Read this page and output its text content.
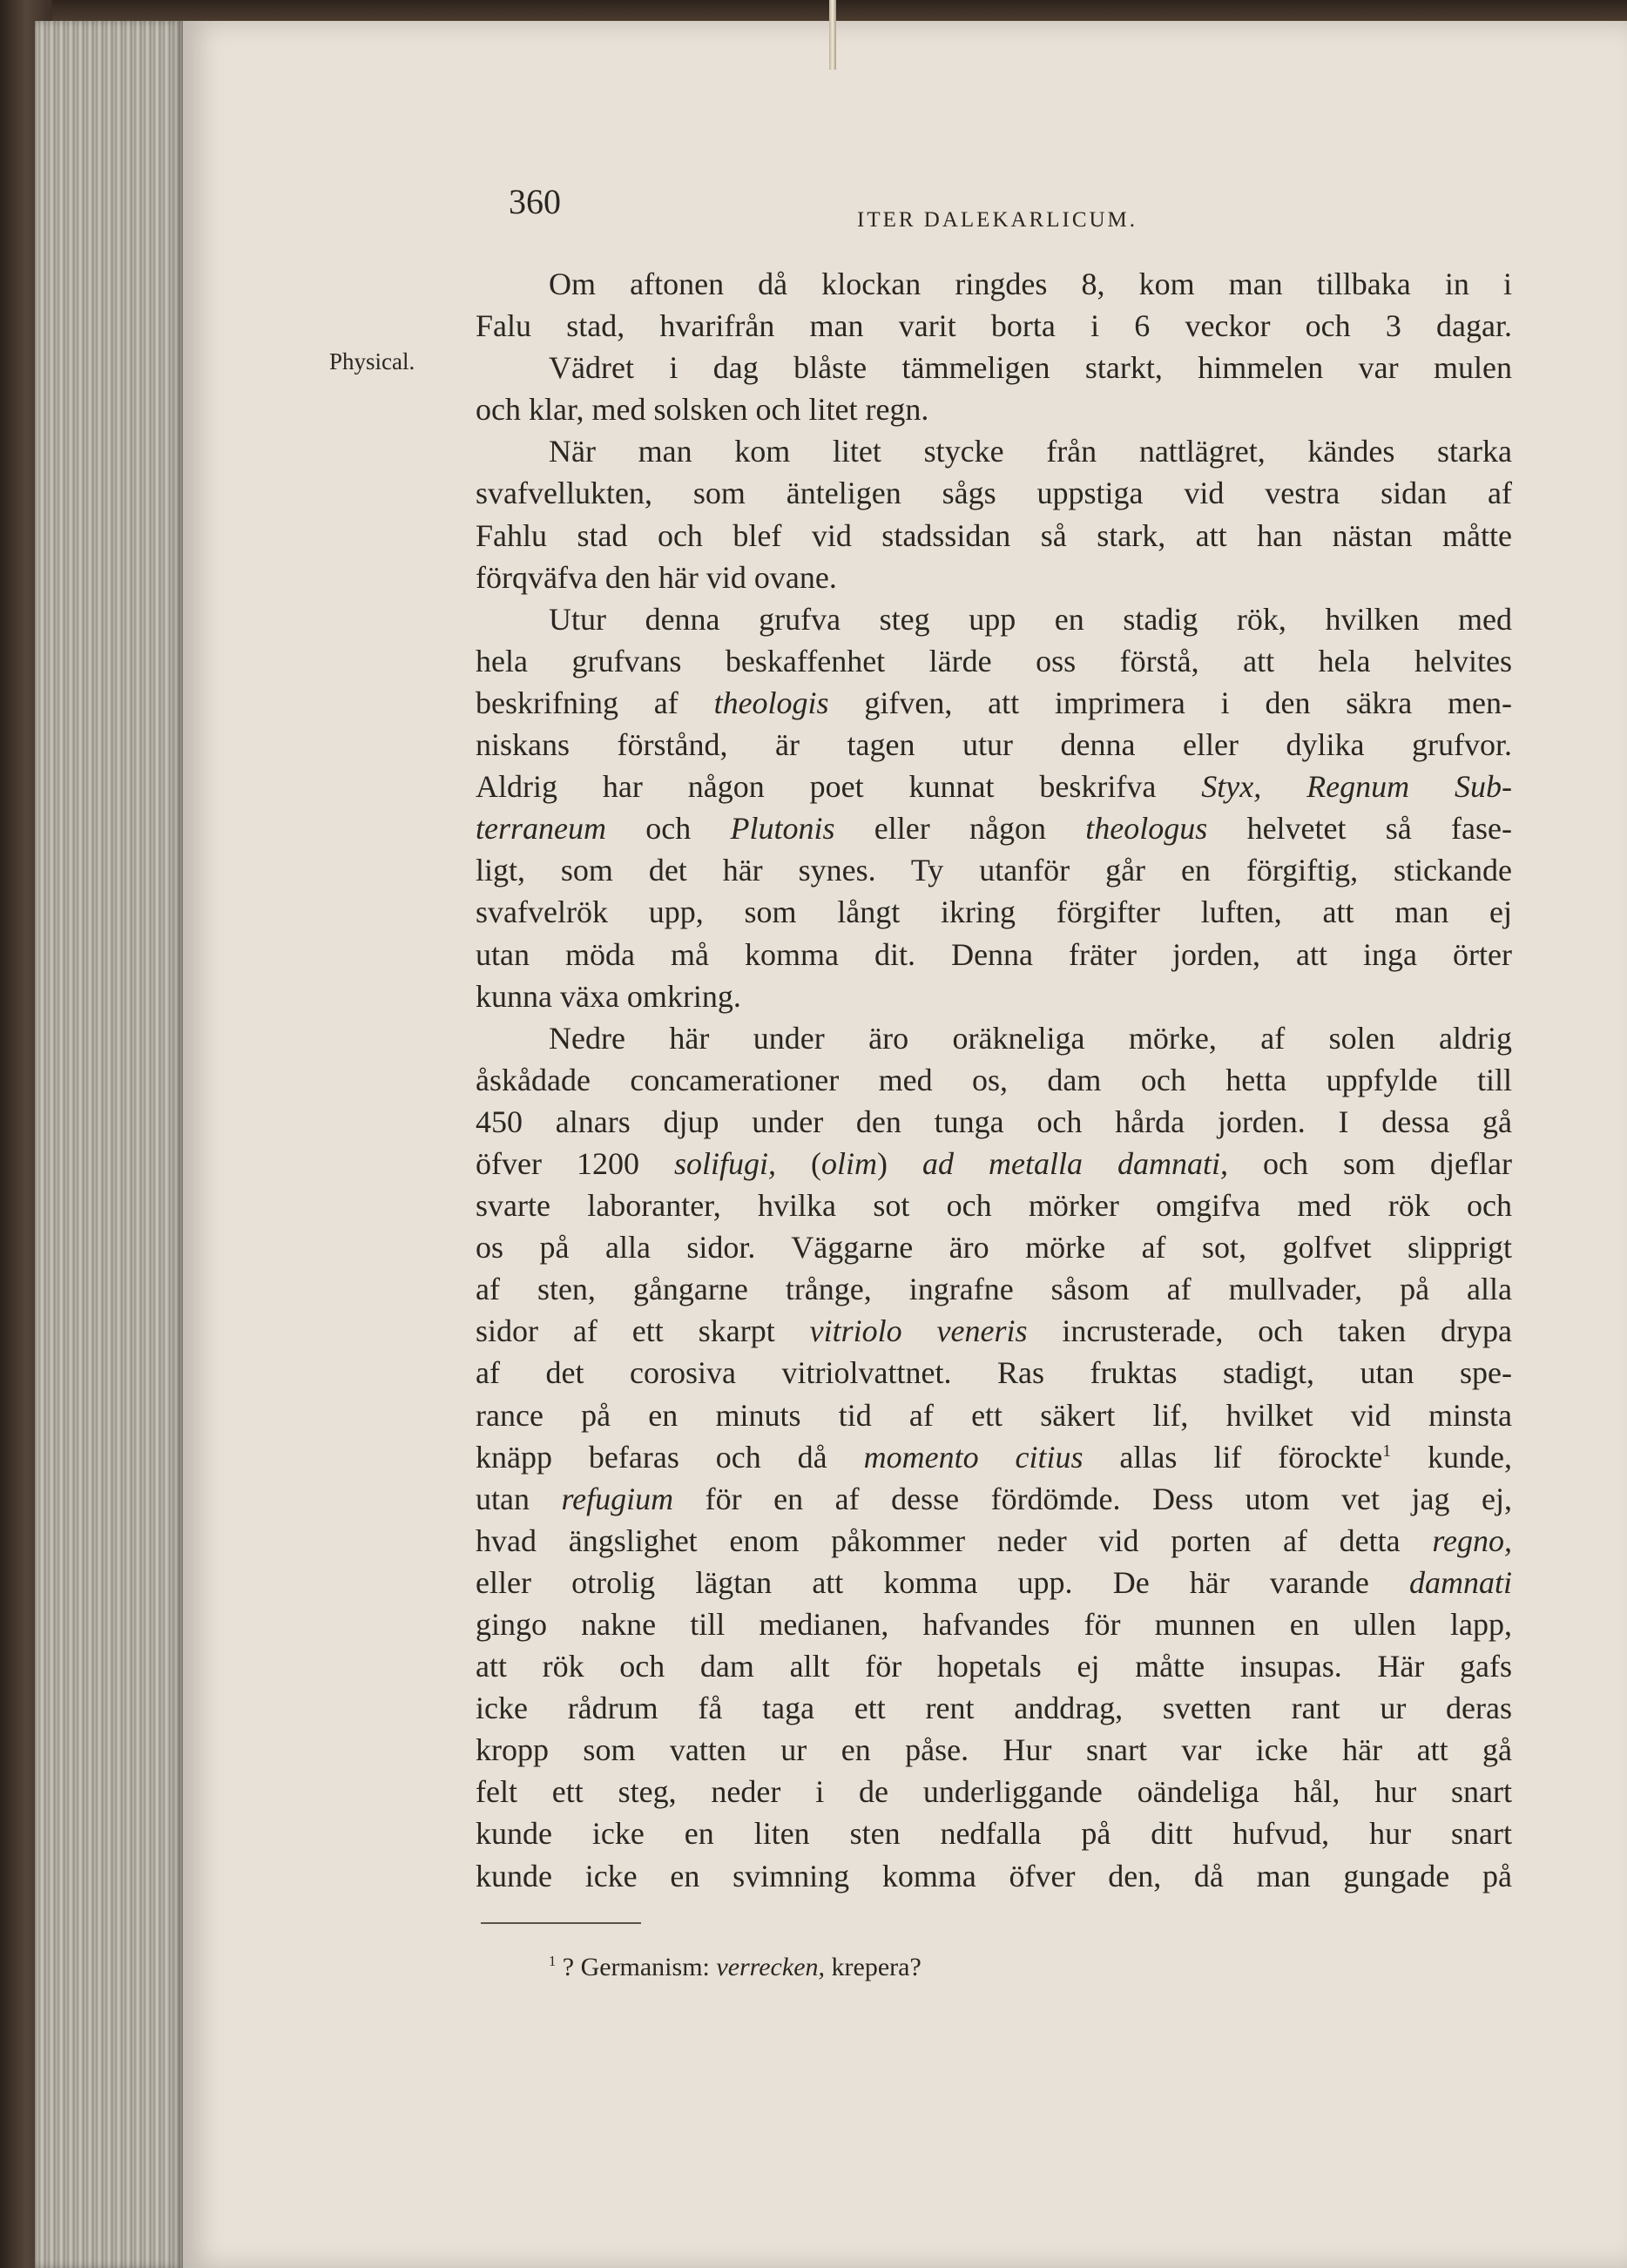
360	ITER DALEKARLICUM.
Physical.
Om aftonen då klockan ringdes 8, kom man tillbaka in i
Falu stad, hvarifrån man varit borta i 6 veckor och 3 dagar.
Vädret i dag blåste tämmeligen starkt, himmelen var mulen
och klar, med solsken och litet regn.
När man kom litet stycke från nattlägret, kändes starka
svafvellukten, som änteligen sågs uppstiga vid vestra sidan af
Fahlu stad och blef vid stadssidan så stark, att han nästan måtte
förqväfva den här vid ovane.
Utur denna grufva steg upp en stadig rök, hvilken med
hela grufvans beskaffenhet lärde oss förstå, att hela helvites
beskrifning af theologis gifven, att imprimera i den säkra men-
niskans förstånd, är tagen utur denna eller dylika grufvor.
Aldrig har någon poet kunnat beskrifva Styx, Regnum Sub-
terraneum och Plutonis eller någon theologus helvetet så fase-
ligt, som det här synes. Ty utanför går en förgiftig, stickande
svafvelrök upp, som långt ikring förgifter luften, att man ej
utan möda må komma dit. Denna fräter jorden, att inga örter
kunna växa omkring.
Nedre här under äro oräkneliga mörke, af solen aldrig
åskådade concamerationer med os, dam och hetta uppfylde till
450 alnars djup under den tunga och hårda jorden. I dessa gå
öfver 1200 solifugi, (olim) ad metalla damnati, och som djeflar
svarte laboranter, hvilka sot och mörker omgifva med rök och
os på alla sidor. Väggarne äro mörke af sot, golfvet slipprigt
af sten, gångarne trånge, ingrafne såsom af mullvader, på alla
sidor af ett skarpt vitriolo veneris incrusterade, och taken drypa
af det corosiva vitriolvattnet. Ras fruktas stadigt, utan spe-
rance på en minuts tid af ett säkert lif, hvilket vid minsta
knäpp befaras och då momento citius allas lif förockte$^1$ kunde,
utan refugium för en af desse fördömde. Dess utom vet jag ej,
hvad ängslighet enom påkommer neder vid porten af detta regno,
eller otrolig lägtan att komma upp. De här varande damnati
gingo nakne till medianen, hafvandes för munnen en ullen lapp,
att rök och dam allt för hopetals ej måtte insupas. Här gafs
icke rådrum få taga ett rent anddrag, svetten rant ur deras
kropp som vatten ur en påse. Hur snart var icke här att gå
felt ett steg, neder i de underliggande oändeliga hål, hur snart
kunde icke en liten sten nedfalla på ditt hufvud, hur snart
kunde icke en svimning komma öfver den, då man gungade på
$^1$ ? Germanism: verrecken, krepera?
